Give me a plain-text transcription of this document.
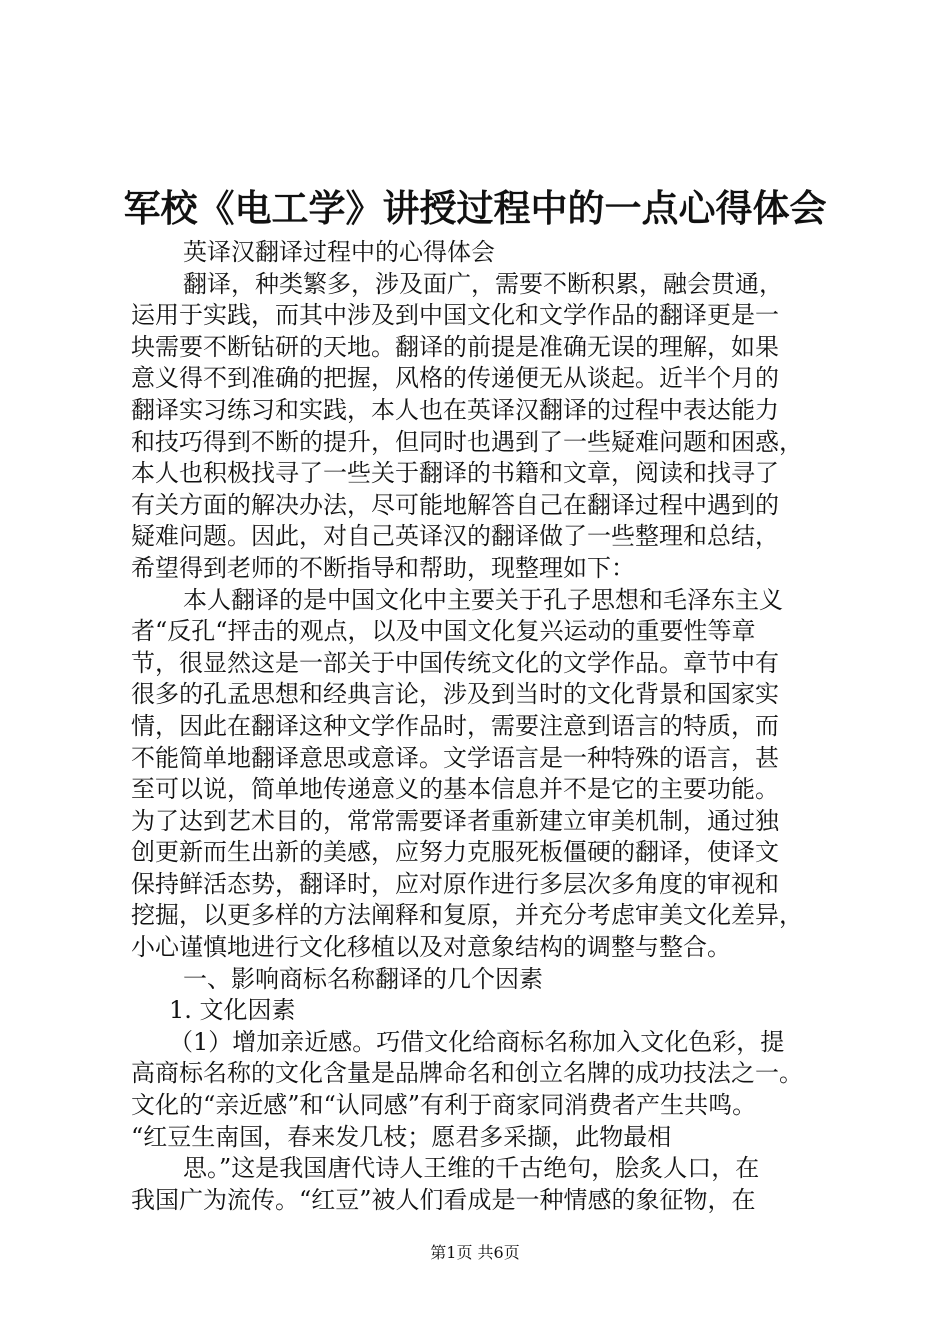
军校《电工学》讲授过程中的一点心得体会
英译汉翻译过程中的心得体会
翻译，种类繁多，涉及面广，需要不断积累，融会贯通，
运用于实践，而其中涉及到中国文化和文学作品的翻译更是一
块需要不断钻研的天地。翻译的前提是准确无误的理解，如果
意义得不到准确的把握，风格的传递便无从谈起。近半个月的
翻译实习练习和实践，本人也在英译汉翻译的过程中表达能力
和技巧得到不断的提升，但同时也遇到了一些疑难问题和困惑，
本人也积极找寻了一些关于翻译的书籍和文章，阅读和找寻了
有关方面的解决办法，尽可能地解答自己在翻译过程中遇到的
疑难问题。因此，对自己英译汉的翻译做了一些整理和总结，
希望得到老师的不断指导和帮助，现整理如下：
本人翻译的是中国文化中主要关于孔子思想和毛泽东主义
者“反孔“抨击的观点，以及中国文化复兴运动的重要性等章
节，很显然这是一部关于中国传统文化的文学作品。章节中有
很多的孔孟思想和经典言论，涉及到当时的文化背景和国家实
情，因此在翻译这种文学作品时，需要注意到语言的特质，而
不能简单地翻译意思或意译。文学语言是一种特殊的语言，甚
至可以说，简单地传递意义的基本信息并不是它的主要功能。
为了达到艺术目的，常常需要译者重新建立审美机制，通过独
创更新而生出新的美感，应努力克服死板僵硬的翻译，使译文
保持鲜活态势，翻译时，应对原作进行多层次多角度的审视和
挖掘，以更多样的方法阐释和复原，并充分考虑审美文化差异，
小心谨慎地进行文化移植以及对意象结构的调整与整合。
一、影响商标名称翻译的几个因素
1. 文化因素
（1）增加亲近感。巧借文化给商标名称加入文化色彩，提
高商标名称的文化含量是品牌命名和创立名牌的成功技法之一。
文化的“亲近感”和“认同感”有利于商家同消费者产生共鸣。
“红豆生南国，春来发几枝；愿君多采撷，此物最相
思。”这是我国唐代诗人王维的千古绝句，脍炙人口，在
我国广为流传。“红豆”被人们看成是一种情感的象征物，在
第1页 共6页
